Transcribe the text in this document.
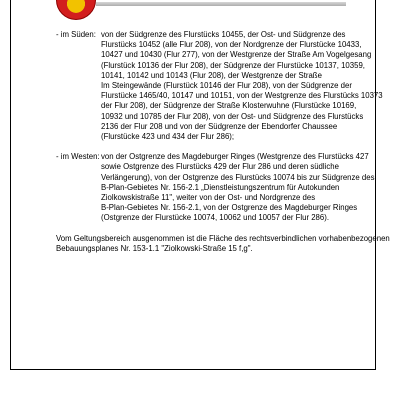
- im Süden: von der Südgrenze des Flurstücks 10455, der Ost- und Südgrenze des
Flurstücks 10452 (alle Flur 208), von der Nordgrenze der Flurstücke 10433,
10427 und 10430 (Flur 277), von der Westgrenze der Straße Am Vogelgesang
(Flurstück 10136 der Flur 208), der Südgrenze der Flurstücke 10137, 10359,
10141, 10142 und 10143 (Flur 208), der Westgrenze der Straße
Im Steingewände (Flurstück 10146 der Flur 208), von der Südgrenze der
Flurstücke 1465/40, 10147 und 10151, von der Westgrenze des Flurstücks 10373
der Flur 208), der Südgrenze der Straße Klosterwuhne (Flurstücke 10169,
10932 und 10785 der Flur 208), von der Ost- und Südgrenze des Flurstücks
2136 der Flur 208 und von der Südgrenze der Ebendorfer Chaussee
(Flurstücke 423 und 434 der Flur 286);
- im Westen: von der Ostgrenze des Magdeburger Ringes (Westgrenze des Flurstücks 427
sowie Ostgrenze des Flurstücks 429 der Flur 286 und deren südliche
Verlängerung), von der Ostgrenze des Flurstücks 10074 bis zur Südgrenze des
B-Plan-Gebietes Nr. 156-2.1 „Dienstleistungszentrum für Autokunden
Ziolkowskistraße 11", weiter von der Ost- und Nordgrenze des
B-Plan-Gebietes Nr. 156-2.1, von der Ostgrenze des Magdeburger Ringes
(Ostgrenze der Flurstücke 10074, 10062 und 10057 der Flur 286).
Vom Geltungsbereich ausgenommen ist die Fläche des rechtsverbindlichen vorhabenbezogenen
Bebauungsplanes Nr. 153-1.1 "Ziolkowski-Straße 15 f,g".
